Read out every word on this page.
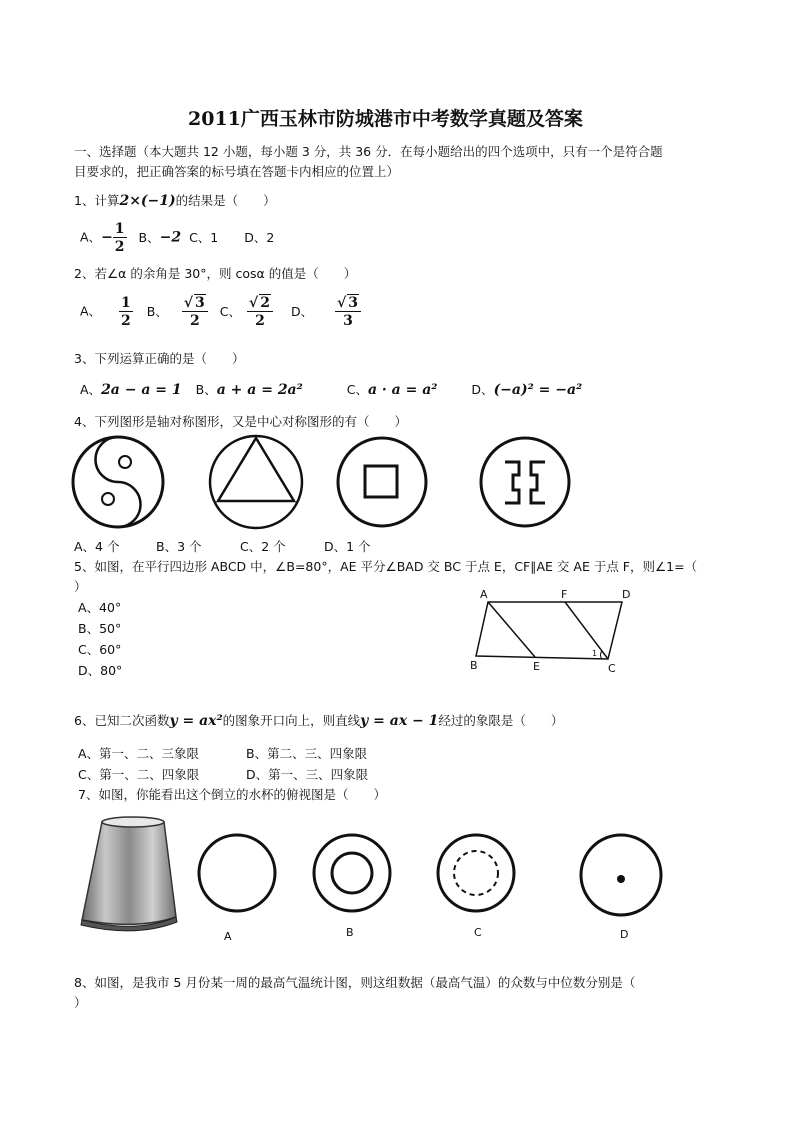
2011广西玉林市防城港市中考数学真题及答案
一、选择题（本大题共 12 小题，每小题 3 分，共 36 分．在每小题给出的四个选项中，只有一个是符合题
目要求的，把正确答案的标号填在答题卡内相应的位置上）
1、计算2×(−1)的结果是（　　）
A、− $\frac{1}{2}$ B、−2 C、1 D、2
2、若∠α 的余角是 30°，则 cosα 的值是（　　）
A、 $\frac{1}{2}$ B、 $\frac{√ 3}{2}$ C、 $\frac{√ 2}{2}$ D、 $\frac{√ 3}{3}$
3、下列运算正确的是（　　）
A、2a − a = 1 B、a + a = 2a²	C、a · a = a²	D、(−a)² = −a²
4、下列图形是轴对称图形，又是中心对称图形的有（　　）
A、4 个	B、3 个	C、2 个	D、1 个
5、如图，在平行四边形 ABCD 中，∠B=80°，AE 平分∠BAD 交 BC 于点 E，CF∥AE 交 AE 于点 F，则∠1=（
）
A、40°
B、50°
C、60°
D、80°
A	F	D
B	E	C
1
6、已知二次函数y = ax²的图象开口向上，则直线y = ax − 1经过的象限是（　　）
A、第一、二、三象限	B、第二、三、四象限
C、第一、二、四象限	D、第一、三、四象限
7、如图，你能看出这个倒立的水杯的俯视图是（　　）
A	B	C	D
8、如图，是我市 5 月份某一周的最高气温统计图，则这组数据（最高气温）的众数与中位数分别是（
）
